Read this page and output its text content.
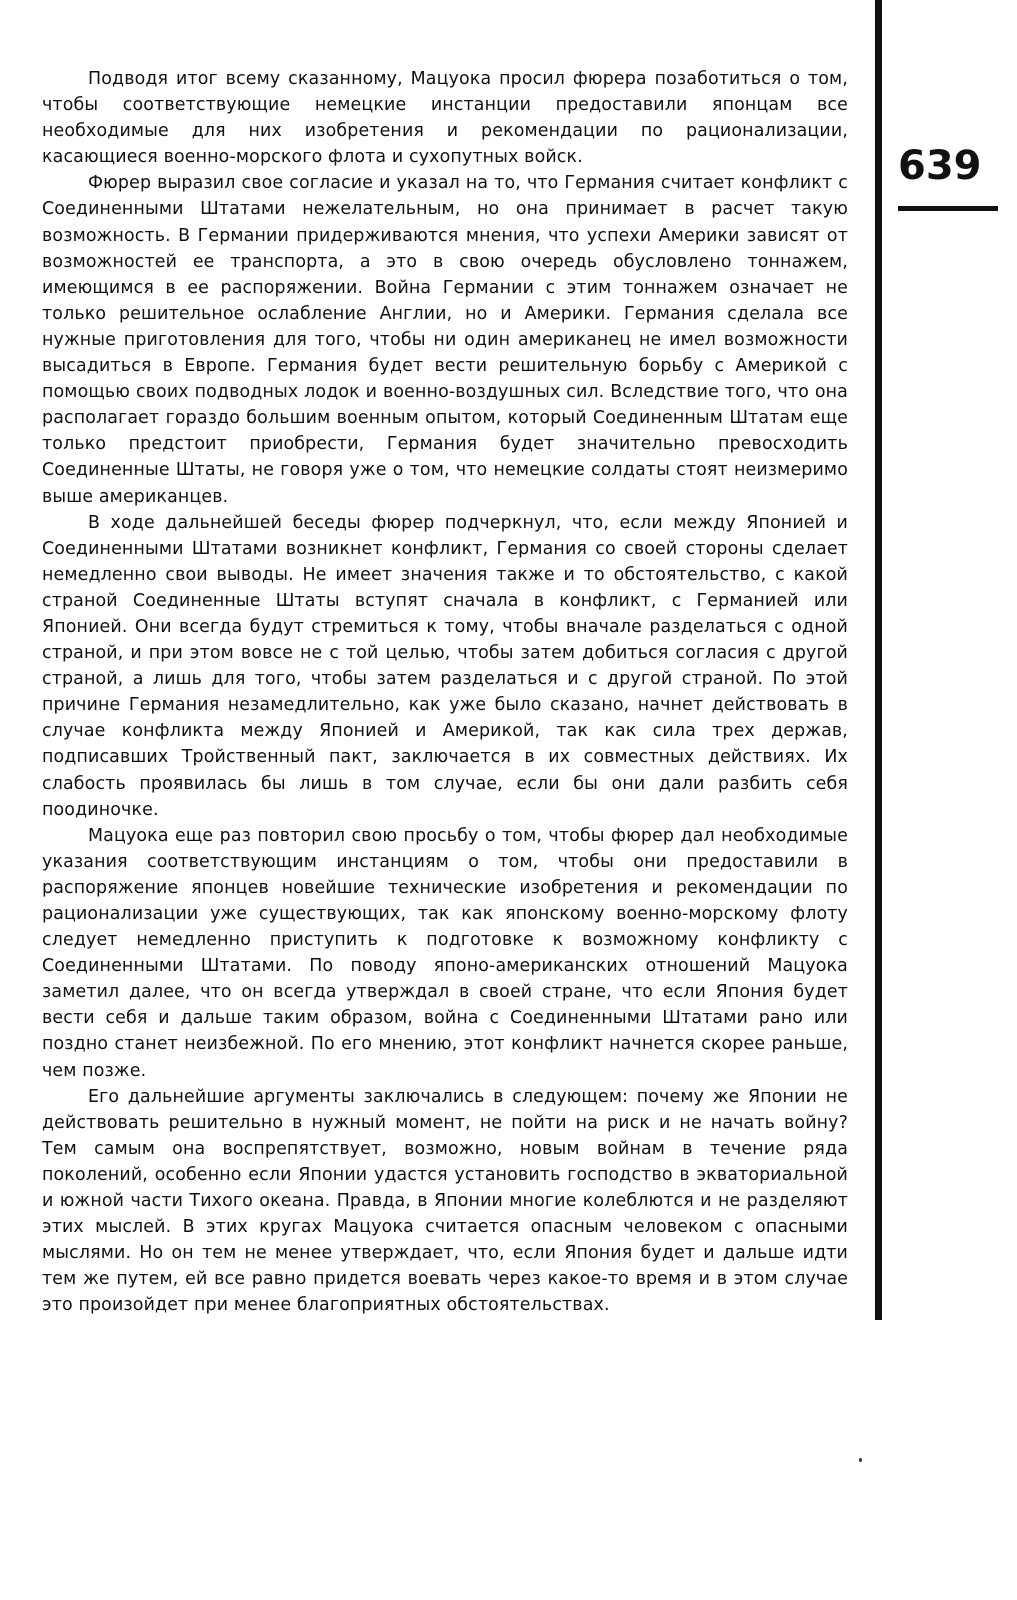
639

Подводя итог всему сказанному, Мацуока просил фюрера позаботиться о том, чтобы соответствующие немецкие инстанции предоставили японцам все необходимые для них изобретения и рекомендации по рационализации, касающиеся военно-морского флота и сухопутных войск.

Фюрер выразил свое согласие и указал на то, что Германия считает конфликт с Соединенными Штатами нежелательным, но она принимает в расчет такую возможность. В Германии придерживаются мнения, что успехи Америки зависят от возможностей ее транспорта, а это в свою очередь обусловлено тоннажем, имеющимся в ее распоряжении. Война Германии с этим тоннажем означает не только решительное ослабление Англии, но и Америки. Германия сделала все нужные приготовления для того, чтобы ни один американец не имел возможности высадиться в Европе. Германия будет вести решительную борьбу с Америкой с помощью своих подводных лодок и военно-воздушных сил. Вследствие того, что она располагает гораздо большим военным опытом, который Соединенным Штатам еще только предстоит приобрести, Германия будет значительно превосходить Соединенные Штаты, не говоря уже о том, что немецкие солдаты стоят неизмеримо выше американцев.

В ходе дальнейшей беседы фюрер подчеркнул, что, если между Японией и Соединенными Штатами возникнет конфликт, Германия со своей стороны сделает немедленно свои выводы. Не имеет значения также и то обстоятельство, с какой страной Соединенные Штаты вступят сначала в конфликт, с Германией или Японией. Они всегда будут стремиться к тому, чтобы вначале разделаться с одной страной, и при этом вовсе не с той целью, чтобы затем добиться согласия с другой страной, а лишь для того, чтобы затем разделаться и с другой страной. По этой причине Германия незамедлительно, как уже было сказано, начнет действовать в случае конфликта между Японией и Америкой, так как сила трех держав, подписавших Тройственный пакт, заключается в их совместных действиях. Их слабость проявилась бы лишь в том случае, если бы они дали разбить себя поодиночке.

Мацуока еще раз повторил свою просьбу о том, чтобы фюрер дал необходимые указания соответствующим инстанциям о том, чтобы они предоставили в распоряжение японцев новейшие технические изобретения и рекомендации по рационализации уже существующих, так как японскому военно-морскому флоту следует немедленно приступить к подготовке к возможному конфликту с Соединенными Штатами. По поводу японо-американских отношений Мацуока заметил далее, что он всегда утверждал в своей стране, что если Япония будет вести себя и дальше таким образом, война с Соединенными Штатами рано или поздно станет неизбежной. По его мнению, этот конфликт начнется скорее раньше, чем позже.

Его дальнейшие аргументы заключались в следующем: почему же Японии не действовать решительно в нужный момент, не пойти на риск и не начать войну? Тем самым она воспрепятствует, возможно, новым войнам в течение ряда поколений, особенно если Японии удастся установить господство в экваториальной и южной части Тихого океана. Правда, в Японии многие колеблются и не разделяют этих мыслей. В этих кругах Мацуока считается опасным человеком с опасными мыслями. Но он тем не менее утверждает, что, если Япония будет и дальше идти тем же путем, ей все равно придется воевать через какое-то время и в этом случае это произойдет при менее благоприятных обстоятельствах.
